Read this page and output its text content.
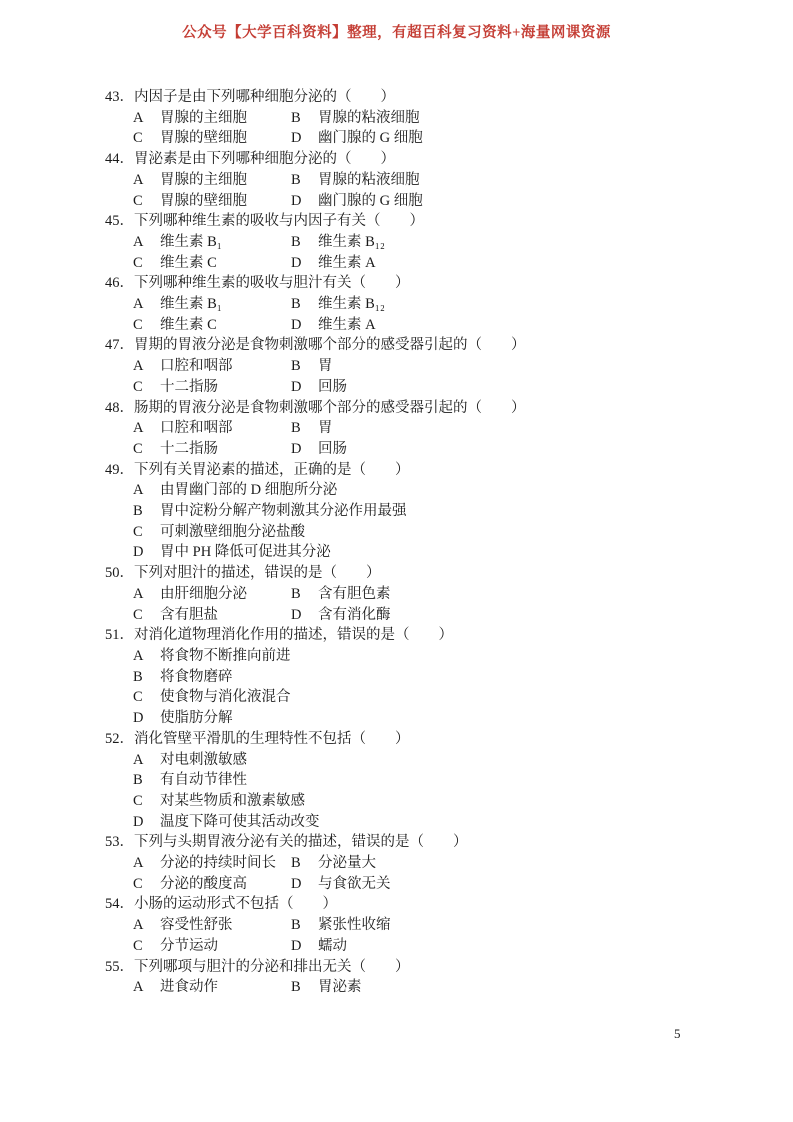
公众号【大学百科资料】整理，有超百科复习资料+海量网课资源
43．内因子是由下列哪种细胞分泌的（　　）
A 胃腺的主细胞	B 胃腺的粘液细胞
C 胃腺的壁细胞	D 幽门腺的 G 细胞
44．胃泌素是由下列哪种细胞分泌的（　　）
A 胃腺的主细胞	B 胃腺的粘液细胞
C 胃腺的壁细胞	D 幽门腺的 G 细胞
45．下列哪种维生素的吸收与内因子有关（　　）
A 维生素 B₁	B 维生素 B₁₂
C 维生素 C	D 维生素 A
46．下列哪种维生素的吸收与胆汁有关（　　）
A 维生素 B₁	B 维生素 B₁₂
C 维生素 C	D 维生素 A
47．胃期的胃液分泌是食物刺激哪个部分的感受器引起的（　　）
A 口腔和咽部	B 胃
C 十二指肠	D 回肠
48．肠期的胃液分泌是食物刺激哪个部分的感受器引起的（　　）
A 口腔和咽部	B 胃
C 十二指肠	D 回肠
49．下列有关胃泌素的描述，正确的是（　　）
A 由胃幽门部的 D 细胞所分泌
B 胃中淀粉分解产物刺激其分泌作用最强
C 可刺激壁细胞分泌盐酸
D 胃中 PH 降低可促进其分泌
50．下列对胆汁的描述，错误的是（　　）
A 由肝细胞分泌	B 含有胆色素
C 含有胆盐	D 含有消化酶
51．对消化道物理消化作用的描述，错误的是（　　）
A 将食物不断推向前进
B 将食物磨碎
C 使食物与消化液混合
D 使脂肪分解
52．消化管壁平滑肌的生理特性不包括（　　）
A 对电刺激敏感
B 有自动节律性
C 对某些物质和激素敏感
D 温度下降可使其活动改变
53．下列与头期胃液分泌有关的描述，错误的是（　　）
A 分泌的持续时间长	B 分泌量大
C 分泌的酸度高	D 与食欲无关
54．小肠的运动形式不包括（　　）
A 容受性舒张	B 紧张性收缩
C 分节运动	D 蠕动
55．下列哪项与胆汁的分泌和排出无关（　　）
A 进食动作	B 胃泌素
5
